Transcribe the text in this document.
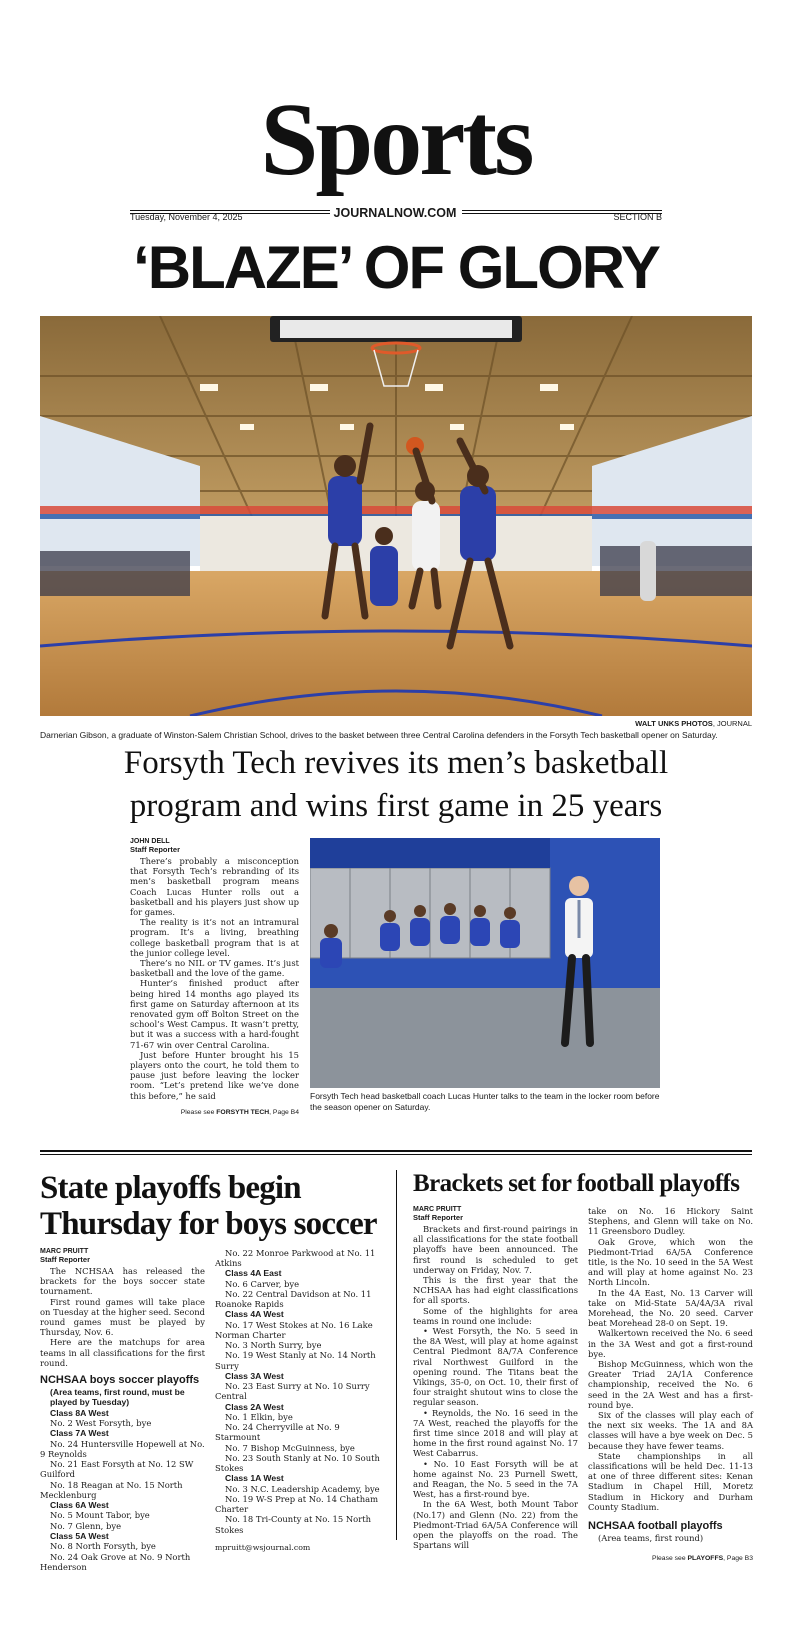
Sports
Tuesday, November 4, 2025	JOURNALNOW.COM	SECTION B
‘BLAZE’ OF GLORY
WALT UNKS PHOTOS, JOURNAL
Darnerian Gibson, a graduate of Winston-Salem Christian School, drives to the basket between three Central Carolina defenders in the Forsyth Tech basketball opener on Saturday.
Forsyth Tech revives its men’s basketball
program and wins first game in 25 years
JOHN DELL
Staff Reporter

There’s probably a misconception that Forsyth Tech’s rebranding of its men’s basketball program means Coach Lucas Hunter rolls out a basketball and his players just show up for games.

The reality is it’s not an intramural program. It’s a living, breathing college basketball program that is at the junior college level.

There’s no NIL or TV games. It’s just basketball and the love of the game.

Hunter’s finished product after being hired 14 months ago played its first game on Saturday afternoon at its renovated gym off Bolton Street on the school’s West Campus. It wasn’t pretty, but it was a success with a hard-fought 71-67 win over Central Carolina.

Just before Hunter brought his 15 players onto the court, he told them to pause just before leaving the locker room. “Let’s pretend like we’ve done this before,” he said

Please see FORSYTH TECH, Page B4
Forsyth Tech head basketball coach Lucas Hunter talks to the team in the locker room before the season opener on Saturday.
State playoffs begin
Thursday for boys soccer
MARC PRUITT
Staff Reporter

The NCHSAA has released the brackets for the boys soccer state tournament.

First round games will take place on Tuesday at the higher seed. Second round games must be played by Thursday, Nov. 6.

Here are the matchups for area teams in all classifications for the first round.

NCHSAA boys soccer playoffs
(Area teams, first round, must be played by Tuesday)
Class 8A West
No. 2 West Forsyth, bye
Class 7A West
No. 24 Huntersville Hopewell at No. 9 Reynolds
No. 21 East Forsyth at No. 12 SW Guilford
No. 18 Reagan at No. 15 North Mecklenburg
Class 6A West
No. 5 Mount Tabor, bye
No. 7 Glenn, bye
Class 5A West
No. 8 North Forsyth, bye
No. 24 Oak Grove at No. 9 North Henderson
No. 22 Monroe Parkwood at No. 11 Atkins
Class 4A East
No. 6 Carver, bye
No. 22 Central Davidson at No. 11 Roanoke Rapids
Class 4A West
No. 17 West Stokes at No. 16 Lake Norman Charter
No. 3 North Surry, bye
No. 19 West Stanly at No. 14 North Surry
Class 3A West
No. 23 East Surry at No. 10 Surry Central
Class 2A West
No. 1 Elkin, bye
No. 24 Cherryville at No. 9 Starmount
No. 7 Bishop McGuinness, bye
No. 23 South Stanly at No. 10 South Stokes
Class 1A West
No. 3 N.C. Leadership Academy, bye
No. 19 W-S Prep at No. 14 Chatham Charter
No. 18 Tri-County at No. 15 North Stokes
mpruitt@wsjournal.com
Brackets set for football playoffs
MARC PRUITT
Staff Reporter

Brackets and first-round pairings in all classifications for the state football playoffs have been announced. The first round is scheduled to get underway on Friday, Nov. 7.

This is the first year that the NCHSAA has had eight classifications for all sports.

Some of the highlights for area teams in round one include:

• West Forsyth, the No. 5 seed in the 8A West, will play at home against Central Piedmont 8A/7A Conference rival Northwest Guilford in the opening round. The Titans beat the Vikings, 35-0, on Oct. 10, their first of four straight shutout wins to close the regular season.

• Reynolds, the No. 16 seed in the 7A West, reached the playoffs for the first time since 2018 and will play at home in the first round against No. 17 West Cabarrus.

• No. 10 East Forsyth will be at home against No. 23 Purnell Swett, and Reagan, the No. 5 seed in the 7A West, has a first-round bye.

In the 6A West, both Mount Tabor (No.17) and Glenn (No. 22) from the Piedmont-Triad 6A/5A Conference will open the playoffs on the road. The Spartans will

take on No. 16 Hickory Saint Stephens, and Glenn will take on No. 11 Greensboro Dudley.

Oak Grove, which won the Piedmont-Triad 6A/5A Conference title, is the No. 10 seed in the 5A West and will play at home against No. 23 North Lincoln.

In the 4A East, No. 13 Carver will take on Mid-State 5A/4A/3A rival Morehead, the No. 20 seed. Carver beat Morehead 28-0 on Sept. 19.

Walkertown received the No. 6 seed in the 3A West and got a first-round bye.

Bishop McGuinness, which won the Greater Triad 2A/1A Conference championship, received the No. 6 seed in the 2A West and has a first-round bye.

Six of the classes will play each of the next six weeks. The 1A and 8A classes will have a bye week on Dec. 5 because they have fewer teams.

State championships in all classifications will be held Dec. 11-13 at one of three different sites: Kenan Stadium in Chapel Hill, Moretz Stadium in Hickory and Durham County Stadium.

NCHSAA football playoffs
(Area teams, first round)
Please see PLAYOFFS, Page B3
